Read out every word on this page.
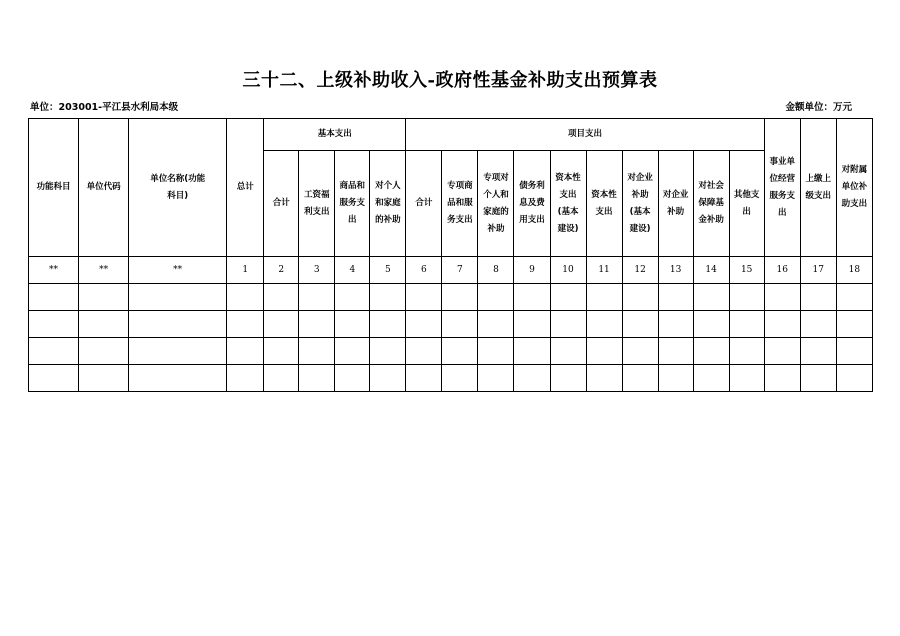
三十二、上级补助收入-政府性基金补助支出预算表
单位：203001-平江县水利局本级	金额单位：万元
功能科目	单位代码	单位名称(功能科目)	总计	基本支出				项目支出										事业单位经营服务支出	上缴上级支出	对附属单位补助支出
				合计	工资福利支出	商品和服务支出	对个人和家庭的补助	合计	专项商品和服务支出	专项对个人和家庭的补助	债务利息及费用支出	资本性支出(基本建设)	资本性支出	对企业补助(基本建设)	对企业补助	对社会保障基金补助	其他支出			
**	**	**	1	2	3	4	5	6	7	8	9	10	11	12	13	14	15	16	17	18
